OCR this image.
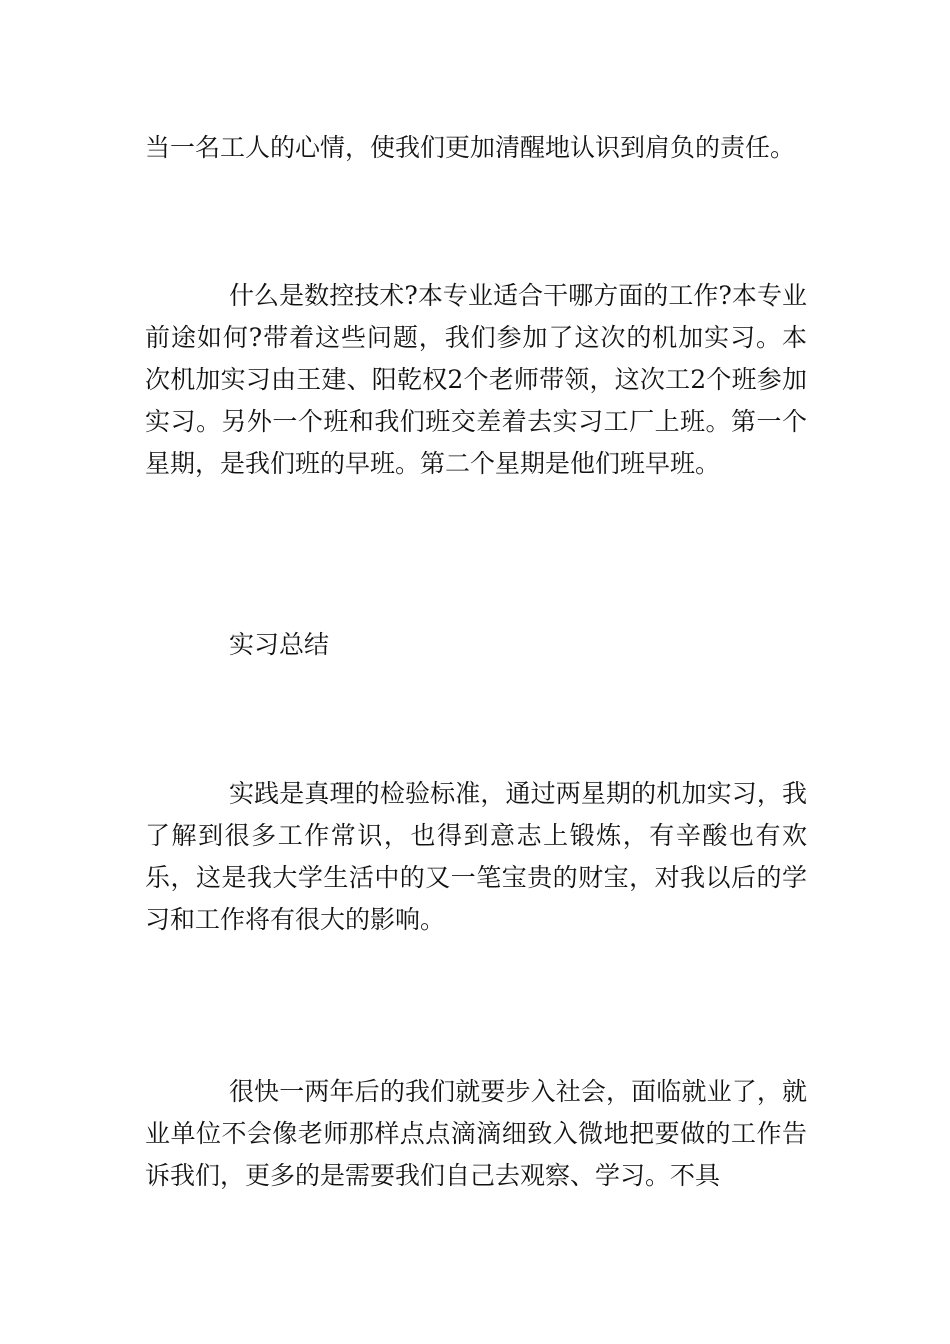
当一名工人的心情，使我们更加清醒地认识到肩负的责任。

什么是数控技术?本专业适合干哪方面的工作?本专业前途如何?带着这些问题，我们参加了这次的机加实习。本次机加实习由王建、阳乾权2个老师带领，这次工2个班参加实习。另外一个班和我们班交差着去实习工厂上班。第一个星期，是我们班的早班。第二个星期是他们班早班。

实习总结

实践是真理的检验标准，通过两星期的机加实习，我了解到很多工作常识，也得到意志上锻炼，有辛酸也有欢乐，这是我大学生活中的又一笔宝贵的财宝，对我以后的学习和工作将有很大的影响。

很快一两年后的我们就要步入社会，面临就业了，就业单位不会像老师那样点点滴滴细致入微地把要做的工作告诉我们，更多的是需要我们自己去观察、学习。不具
